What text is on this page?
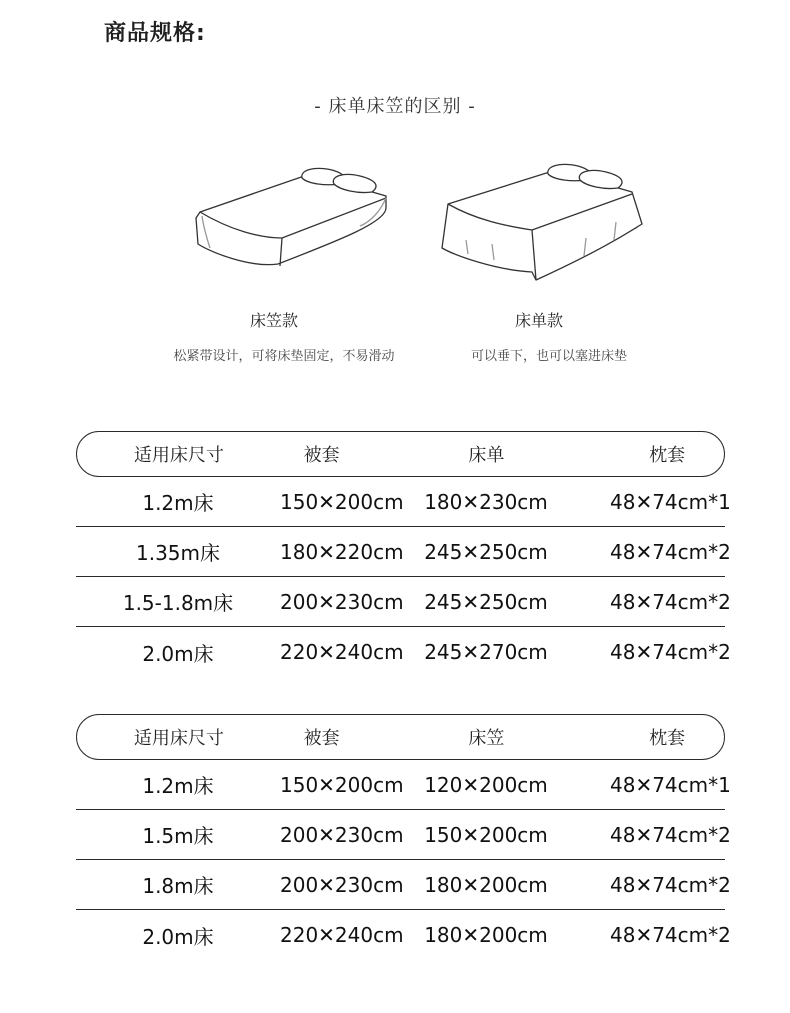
商品规格:
- 床单床笠的区别 -
床笠款
松紧带设计，可将床垫固定，不易滑动
床单款
可以垂下，也可以塞进床垫
适用床尺寸	被套	床单	枕套
1.2m床	150✕200cm	180✕230cm	48✕74cm*1
1.35m床	180✕220cm	245✕250cm	48✕74cm*2
1.5-1.8m床	200✕230cm	245✕250cm	48✕74cm*2
2.0m床	220✕240cm	245✕270cm	48✕74cm*2
适用床尺寸	被套	床笠	枕套
1.2m床	150✕200cm	120✕200cm	48✕74cm*1
1.5m床	200✕230cm	150✕200cm	48✕74cm*2
1.8m床	200✕230cm	180✕200cm	48✕74cm*2
2.0m床	220✕240cm	180✕200cm	48✕74cm*2
